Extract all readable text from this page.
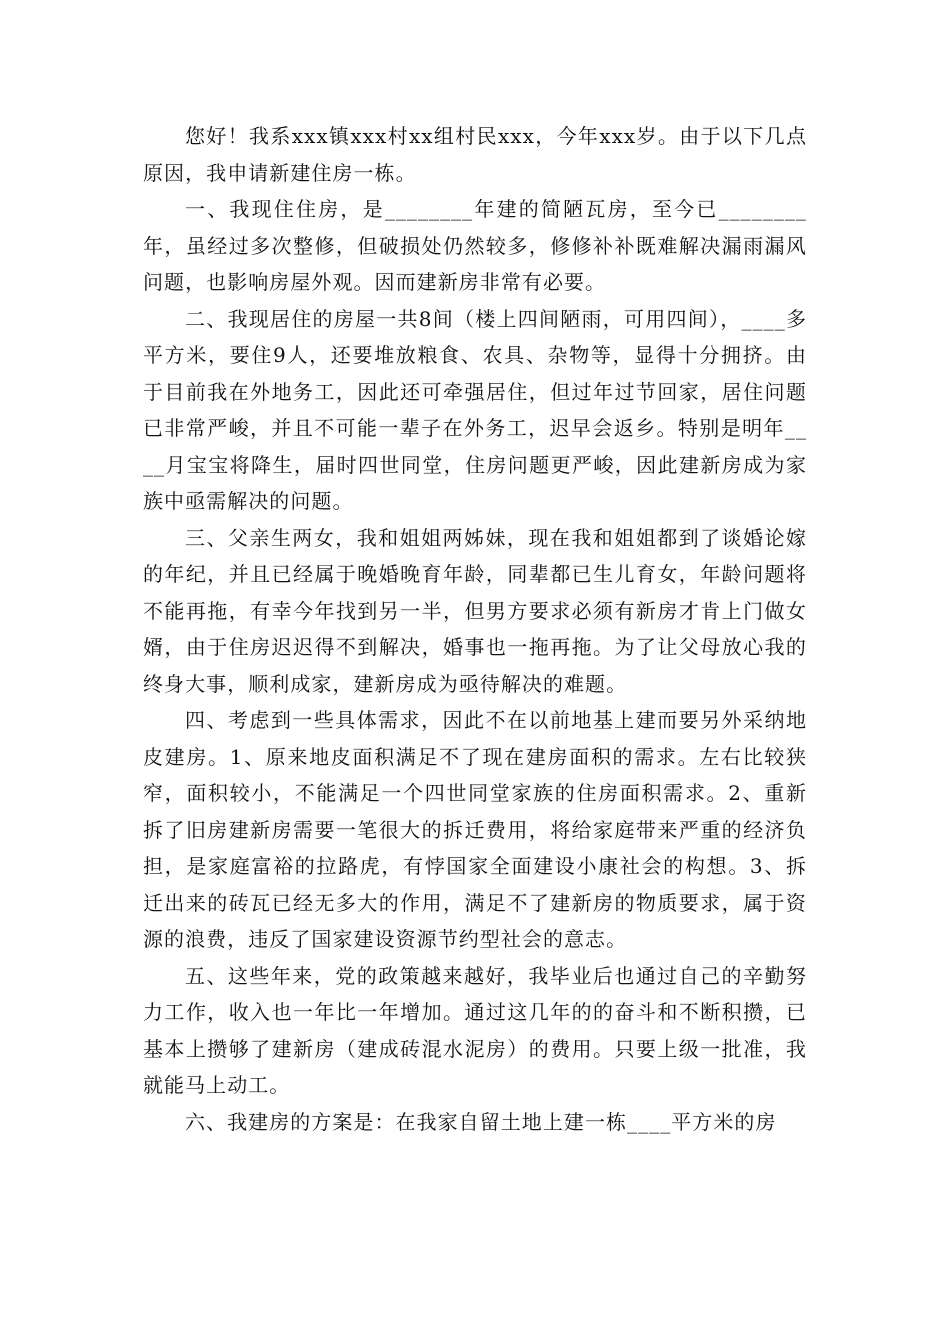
您好！我系xxx镇xxx村xx组村民xxx，今年xxx岁。由于以下几点原因，我申请新建住房一栋。

一、我现住住房，是________年建的简陋瓦房，至今已________年，虽经过多次整修，但破损处仍然较多，修修补补既难解决漏雨漏风问题，也影响房屋外观。因而建新房非常有必要。

二、我现居住的房屋一共8间（楼上四间陋雨，可用四间），____多平方米，要住9人，还要堆放粮食、农具、杂物等，显得十分拥挤。由于目前我在外地务工，因此还可牵强居住，但过年过节回家，居住问题已非常严峻，并且不可能一辈子在外务工，迟早会返乡。特别是明年____月宝宝将降生，届时四世同堂，住房问题更严峻，因此建新房成为家族中亟需解决的问题。

三、父亲生两女，我和姐姐两姊妹，现在我和姐姐都到了谈婚论嫁的年纪，并且已经属于晚婚晚育年龄，同辈都已生儿育女，年龄问题将不能再拖，有幸今年找到另一半，但男方要求必须有新房才肯上门做女婿，由于住房迟迟得不到解决，婚事也一拖再拖。为了让父母放心我的终身大事，顺利成家，建新房成为亟待解决的难题。

四、考虑到一些具体需求，因此不在以前地基上建而要另外采纳地皮建房。1、原来地皮面积满足不了现在建房面积的需求。左右比较狭窄，面积较小，不能满足一个四世同堂家族的住房面积需求。2、重新拆了旧房建新房需要一笔很大的拆迁费用，将给家庭带来严重的经济负担，是家庭富裕的拉路虎，有悖国家全面建设小康社会的构想。3、拆迁出来的砖瓦已经无多大的作用，满足不了建新房的物质要求，属于资源的浪费，违反了国家建设资源节约型社会的意志。

五、这些年来，党的政策越来越好，我毕业后也通过自己的辛勤努力工作，收入也一年比一年增加。通过这几年的的奋斗和不断积攒，已基本上攒够了建新房（建成砖混水泥房）的费用。只要上级一批准，我就能马上动工。

六、我建房的方案是：在我家自留土地上建一栋____平方米的房
